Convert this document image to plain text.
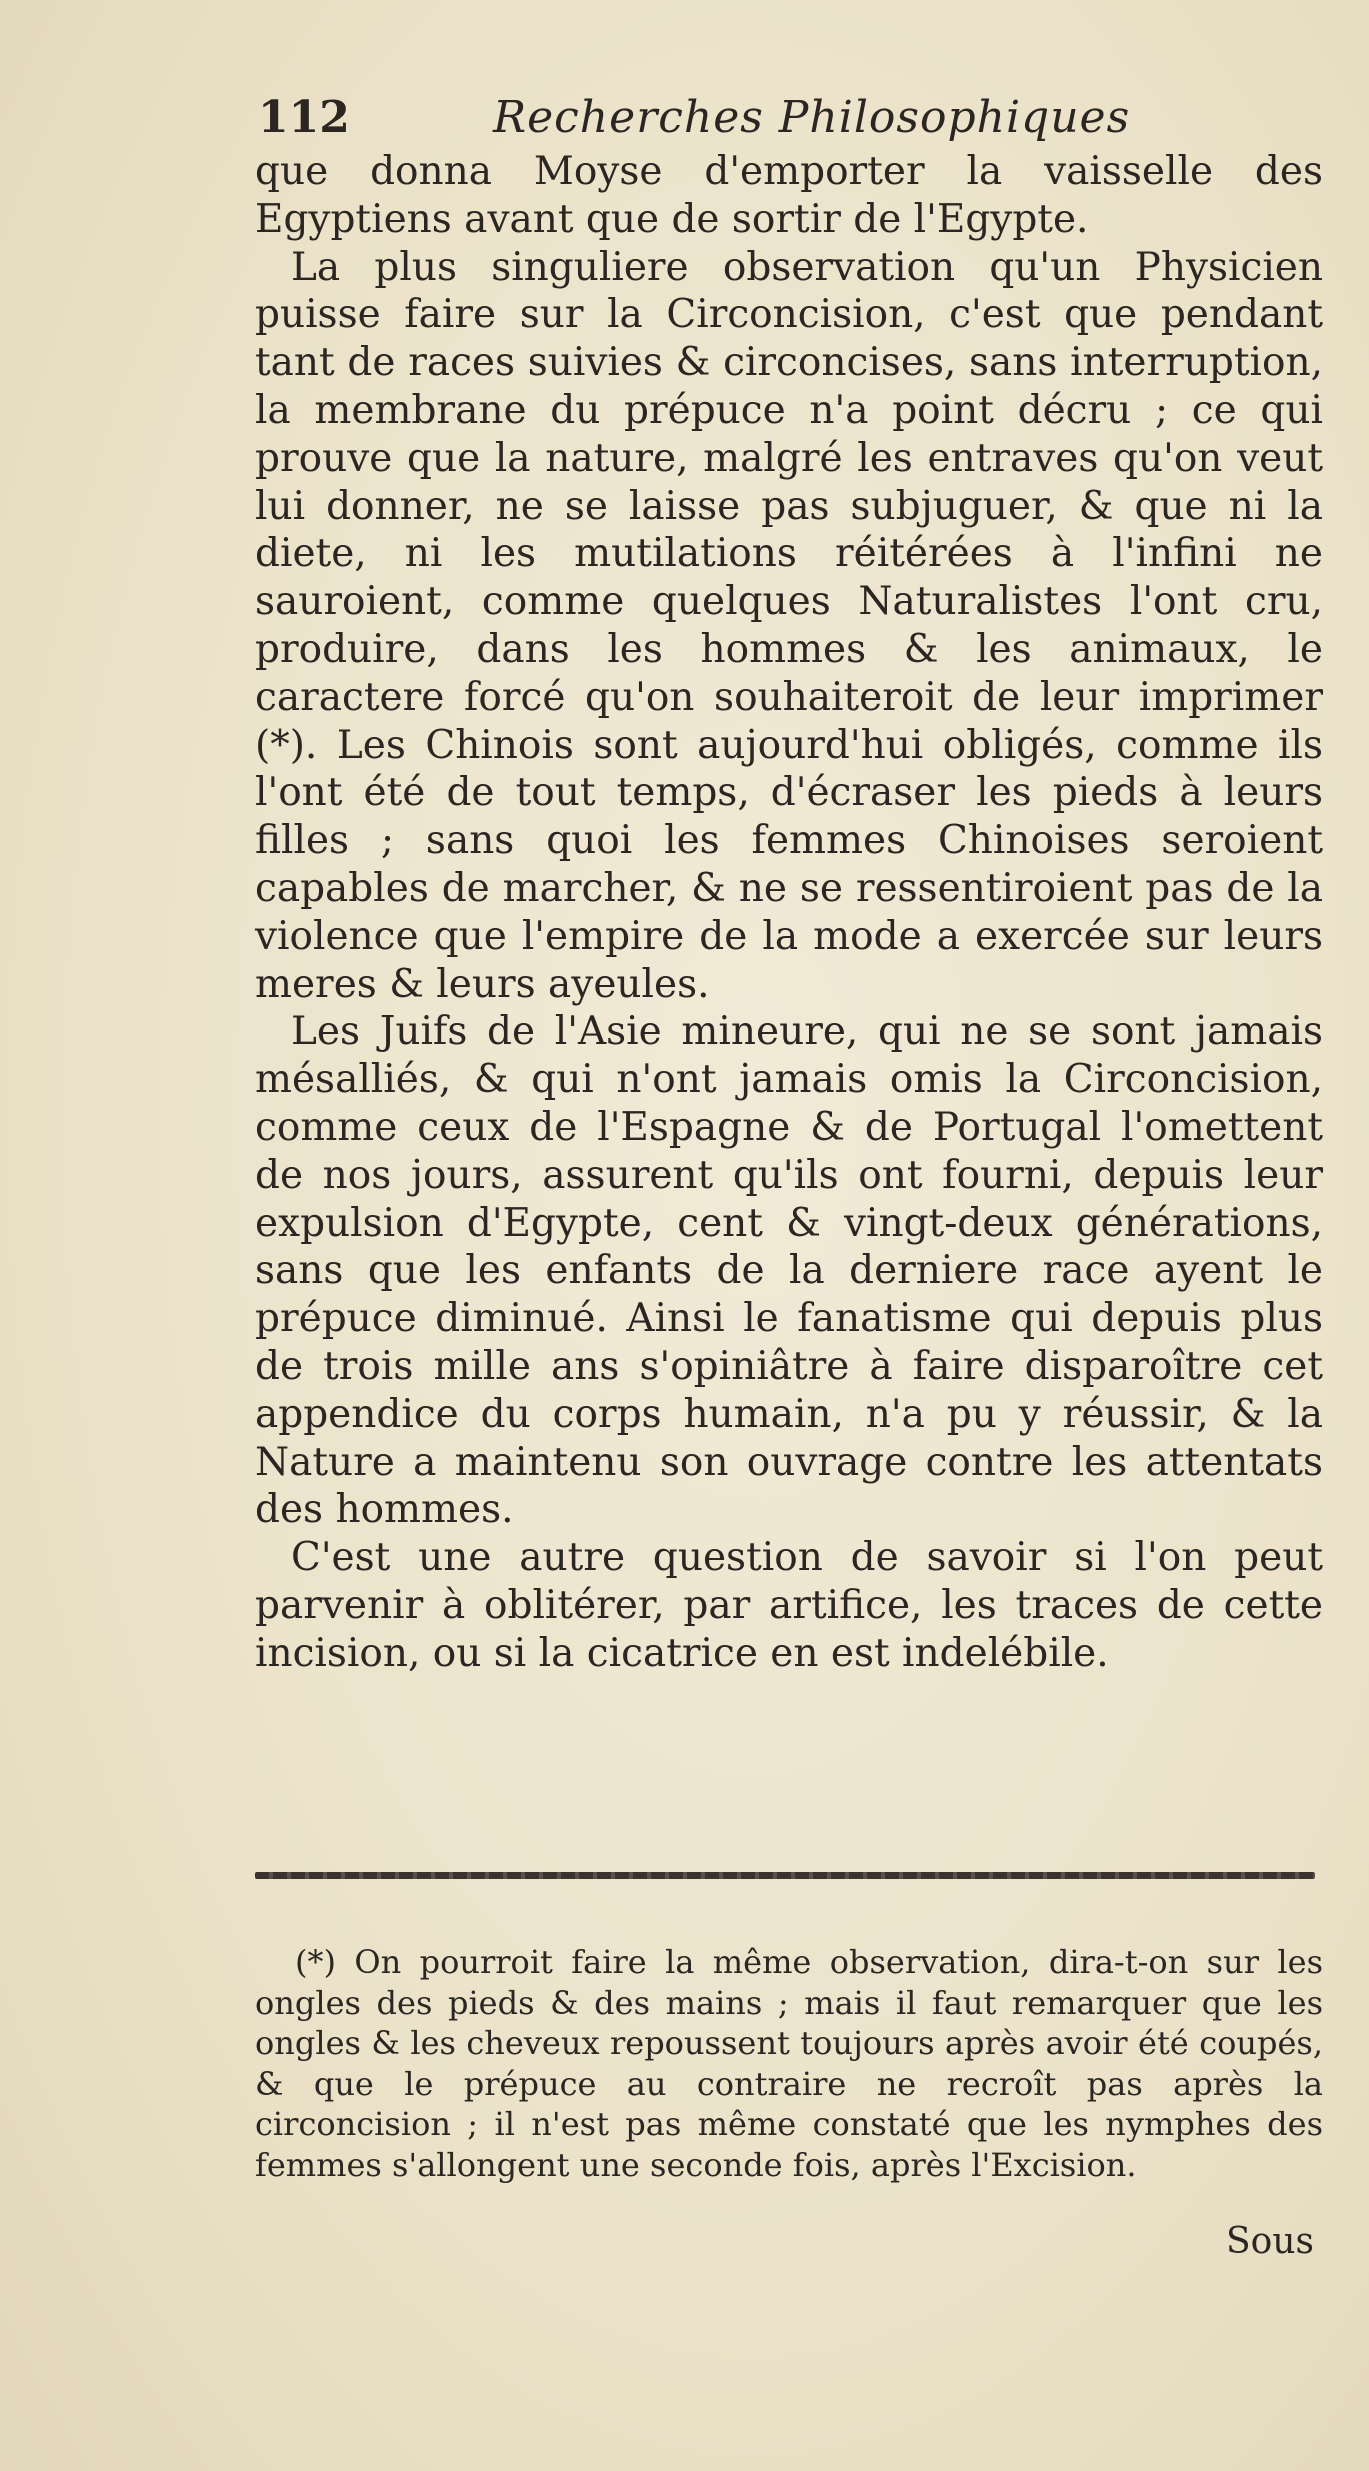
112	Recherches Philosophiques

que donna Moyse d'emporter la vaisselle des Egyptiens avant que de sortir de l'Egypte.

La plus singuliere observation qu'un Physicien puisse faire sur la Circoncision, c'est que pendant tant de races suivies & circoncises, sans interruption, la membrane du prépuce n'a point décru ; ce qui prouve que la nature, malgré les entraves qu'on veut lui donner, ne se laisse pas subjuguer, & que ni la diete, ni les mutilations réitérées à l'infini ne sauroient, comme quelques Naturalistes l'ont cru, produire, dans les hommes & les animaux, le caractere forcé qu'on souhaiteroit de leur imprimer (*). Les Chinois sont aujourd'hui obligés, comme ils l'ont été de tout temps, d'écraser les pieds à leurs filles ; sans quoi les femmes Chinoises seroient capables de marcher, & ne se ressentiroient pas de la violence que l'empire de la mode a exercée sur leurs meres & leurs ayeules.

Les Juifs de l'Asie mineure, qui ne se sont jamais mésalliés, & qui n'ont jamais omis la Circoncision, comme ceux de l'Espagne & de Portugal l'omettent de nos jours, assurent qu'ils ont fourni, depuis leur expulsion d'Egypte, cent & vingt-deux générations, sans que les enfants de la derniere race ayent le prépuce diminué. Ainsi le fanatisme qui depuis plus de trois mille ans s'opiniâtre à faire disparoître cet appendice du corps humain, n'a pu y réussir, & la Nature a maintenu son ouvrage contre les attentats des hommes.

C'est une autre question de savoir si l'on peut parvenir à oblitérer, par artifice, les traces de cette incision, ou si la cicatrice en est indelébile.

(*) On pourroit faire la même observation, dira-t-on sur les ongles des pieds & des mains ; mais il faut remarquer que les ongles & les cheveux repoussent toujours après avoir été coupés, & que le prépuce au contraire ne recroît pas après la circoncision ; il n'est pas même constaté que les nymphes des femmes s'allongent une seconde fois, après l'Excision.

Sous
